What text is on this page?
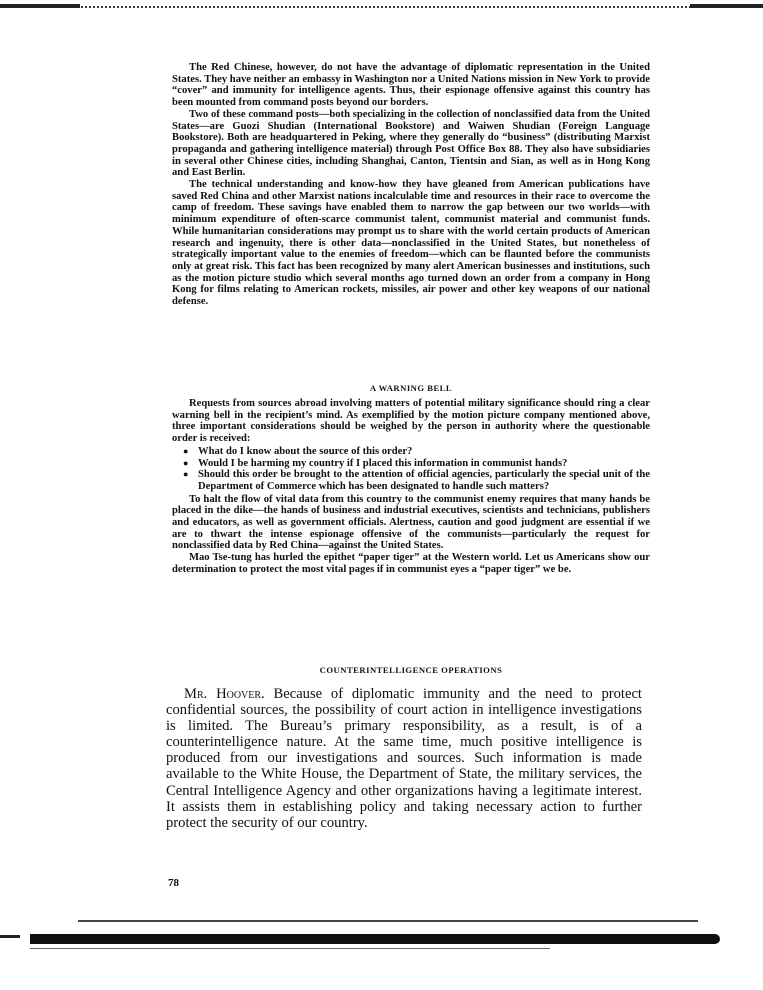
The Red Chinese, however, do not have the advantage of diplomatic representation in the United States. They have neither an embassy in Washington nor a United Nations mission in New York to provide “cover” and immunity for intelligence agents. Thus, their espionage offensive against this country has been mounted from command posts beyond our borders.

Two of these command posts—both specializing in the collection of nonclassified data from the United States—are Guozi Shudian (International Bookstore) and Waiwen Shudian (Foreign Language Bookstore). Both are headquartered in Peking, where they generally do “business” (distributing Marxist propaganda and gathering intelligence material) through Post Office Box 88. They also have subsidiaries in several other Chinese cities, including Shanghai, Canton, Tientsin and Sian, as well as in Hong Kong and East Berlin.

The technical understanding and know-how they have gleaned from American publications have saved Red China and other Marxist nations incalculable time and resources in their race to overcome the camp of freedom. These savings have enabled them to narrow the gap between our two worlds—with minimum expenditure of often-scarce communist talent, communist material and communist funds. While humanitarian considerations may prompt us to share with the world certain products of American research and ingenuity, there is other data—nonclassified in the United States, but nonetheless of strategically important value to the enemies of freedom—which can be flaunted before the communists only at great risk. This fact has been recognized by many alert American businesses and institutions, such as the motion picture studio which several months ago turned down an order from a company in Hong Kong for films relating to American rockets, missiles, air power and other key weapons of our national defense.

A WARNING BELL

Requests from sources abroad involving matters of potential military significance should ring a clear warning bell in the recipient’s mind. As exemplified by the motion picture company mentioned above, three important considerations should be weighed by the person in authority where the questionable order is received:

● What do I know about the source of this order?
● Would I be harming my country if I placed this information in communist hands?
● Should this order be brought to the attention of official agencies, particularly the special unit of the Department of Commerce which has been designated to handle such matters?

To halt the flow of vital data from this country to the communist enemy requires that many hands be placed in the dike—the hands of business and industrial executives, scientists and technicians, publishers and educators, as well as government officials. Alertness, caution and good judgment are essential if we are to thwart the intense espionage offensive of the communists—particularly the request for nonclassified data by Red China—against the United States.

Mao Tse-tung has hurled the epithet “paper tiger” at the Western world. Let us Americans show our determination to protect the most vital pages if in communist eyes a “paper tiger” we be.

COUNTERINTELLIGENCE OPERATIONS

Mr. Hoover. Because of diplomatic immunity and the need to protect confidential sources, the possibility of court action in intelligence investigations is limited. The Bureau’s primary responsibility, as a result, is of a counterintelligence nature. At the same time, much positive intelligence is produced from our investigations and sources. Such information is made available to the White House, the Department of State, the military services, the Central Intelligence Agency and other organizations having a legitimate interest. It assists them in establishing policy and taking necessary action to further protect the security of our country.

78
